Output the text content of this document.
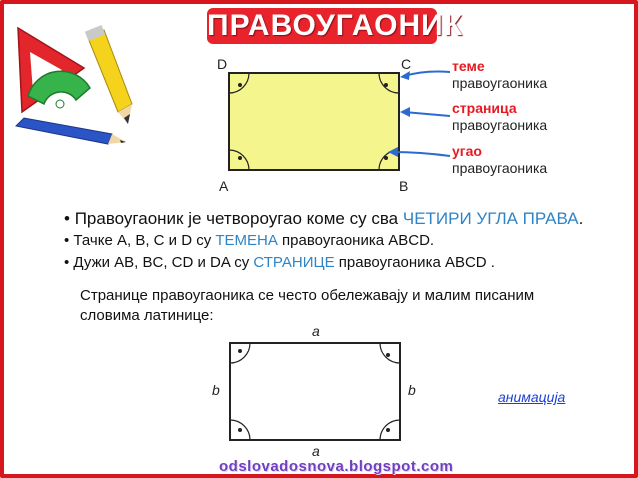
ПРАВОУГАОНИК
D	C
A	B
теме
правоугаоника
страница
правоугаоника
угао
правоугаоника
• Правоугаоник је четвороугао коме су сва ЧЕТИРИ УГЛА ПРАВА.
• Тачке A, B, C и D су ТЕМЕНА правоугаоника ABCD.
• Дужи AB, BC, CD и DA су СТРАНИЦЕ правоугаоника ABCD .
Странице правоугаоника се често обележавају и малим писаним
словима латинице:
a
a
b	b	анимација
odslovadosnova.blogspot.com
